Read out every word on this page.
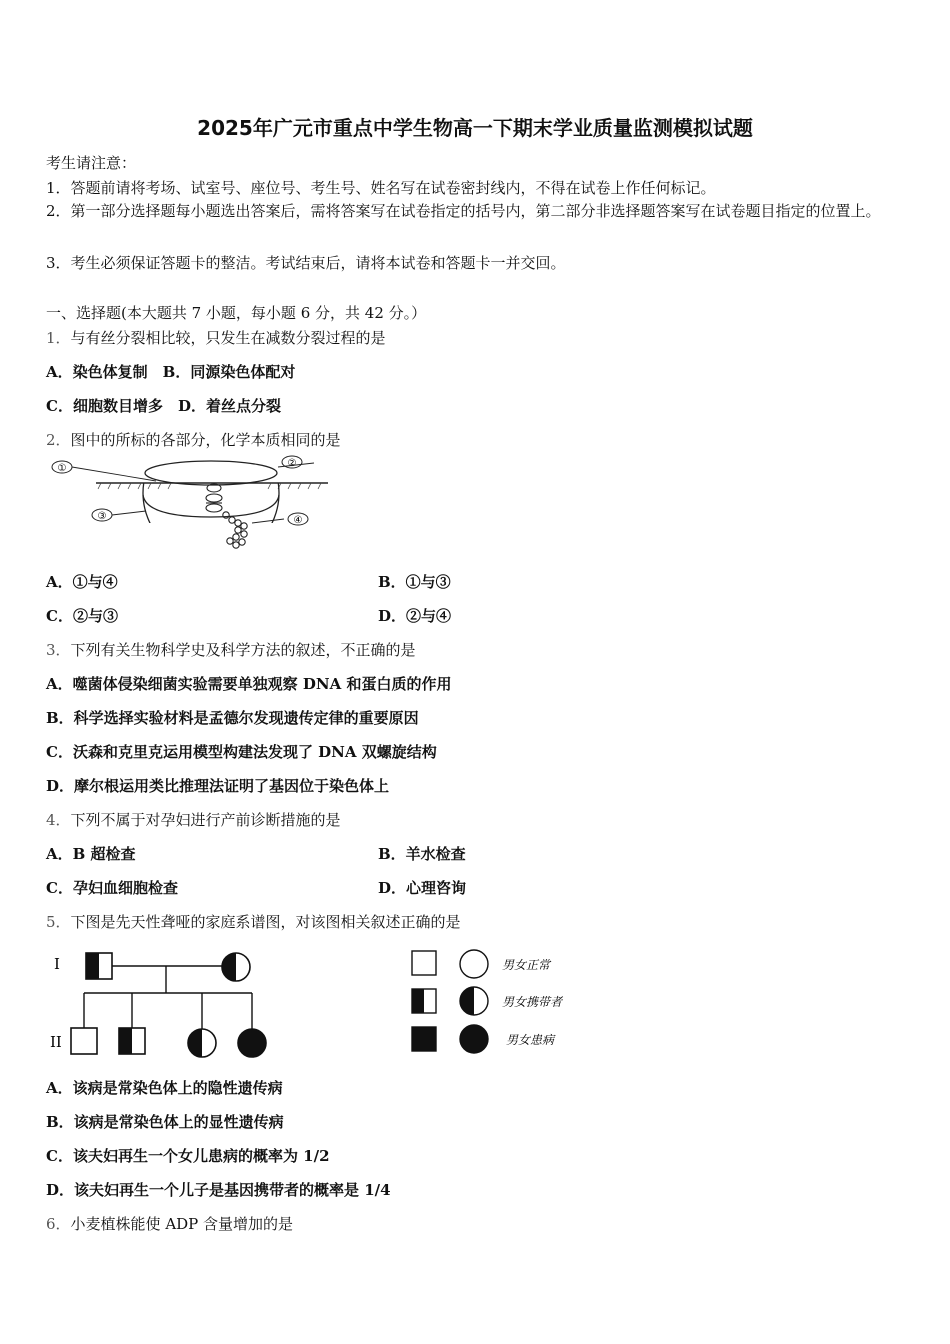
2025年广元市重点中学生物高一下期末学业质量监测模拟试题
考生请注意：
1．答题前请将考场、试室号、座位号、考生号、姓名写在试卷密封线内，不得在试卷上作任何标记。
2．第一部分选择题每小题选出答案后，需将答案写在试卷指定的括号内，第二部分非选择题答案写在试卷题目指定的位置上。
3．考生必须保证答题卡的整洁。考试结束后，请将本试卷和答题卡一并交回。
一、选择题(本大题共 7 小题，每小题 6 分，共 42 分。）
1．与有丝分裂相比较，只发生在减数分裂过程的是
A．染色体复制　B．同源染色体配对
C．细胞数目增多　D．着丝点分裂
2．图中的所标的各部分，化学本质相同的是
①	②
③	④
A．①与④	B．①与③
C．②与③	D．②与④
3．下列有关生物科学史及科学方法的叙述，不正确的是
A．噬菌体侵染细菌实验需要单独观察 DNA 和蛋白质的作用
B．科学选择实验材料是孟德尔发现遗传定律的重要原因
C．沃森和克里克运用模型构建法发现了 DNA 双螺旋结构
D．摩尔根运用类比推理法证明了基因位于染色体上
4．下列不属于对孕妇进行产前诊断措施的是
A．B 超检查	B．羊水检查
C．孕妇血细胞检查	D．心理咨询
5．下图是先天性聋哑的家庭系谱图，对该图相关叙述正确的是
I
II
男女正常
男女携带者
男女患病
A．该病是常染色体上的隐性遗传病
B．该病是常染色体上的显性遗传病
C．该夫妇再生一个女儿患病的概率为 1/2
D．该夫妇再生一个儿子是基因携带者的概率是 1/4
6．小麦植株能使 ADP 含量增加的是
